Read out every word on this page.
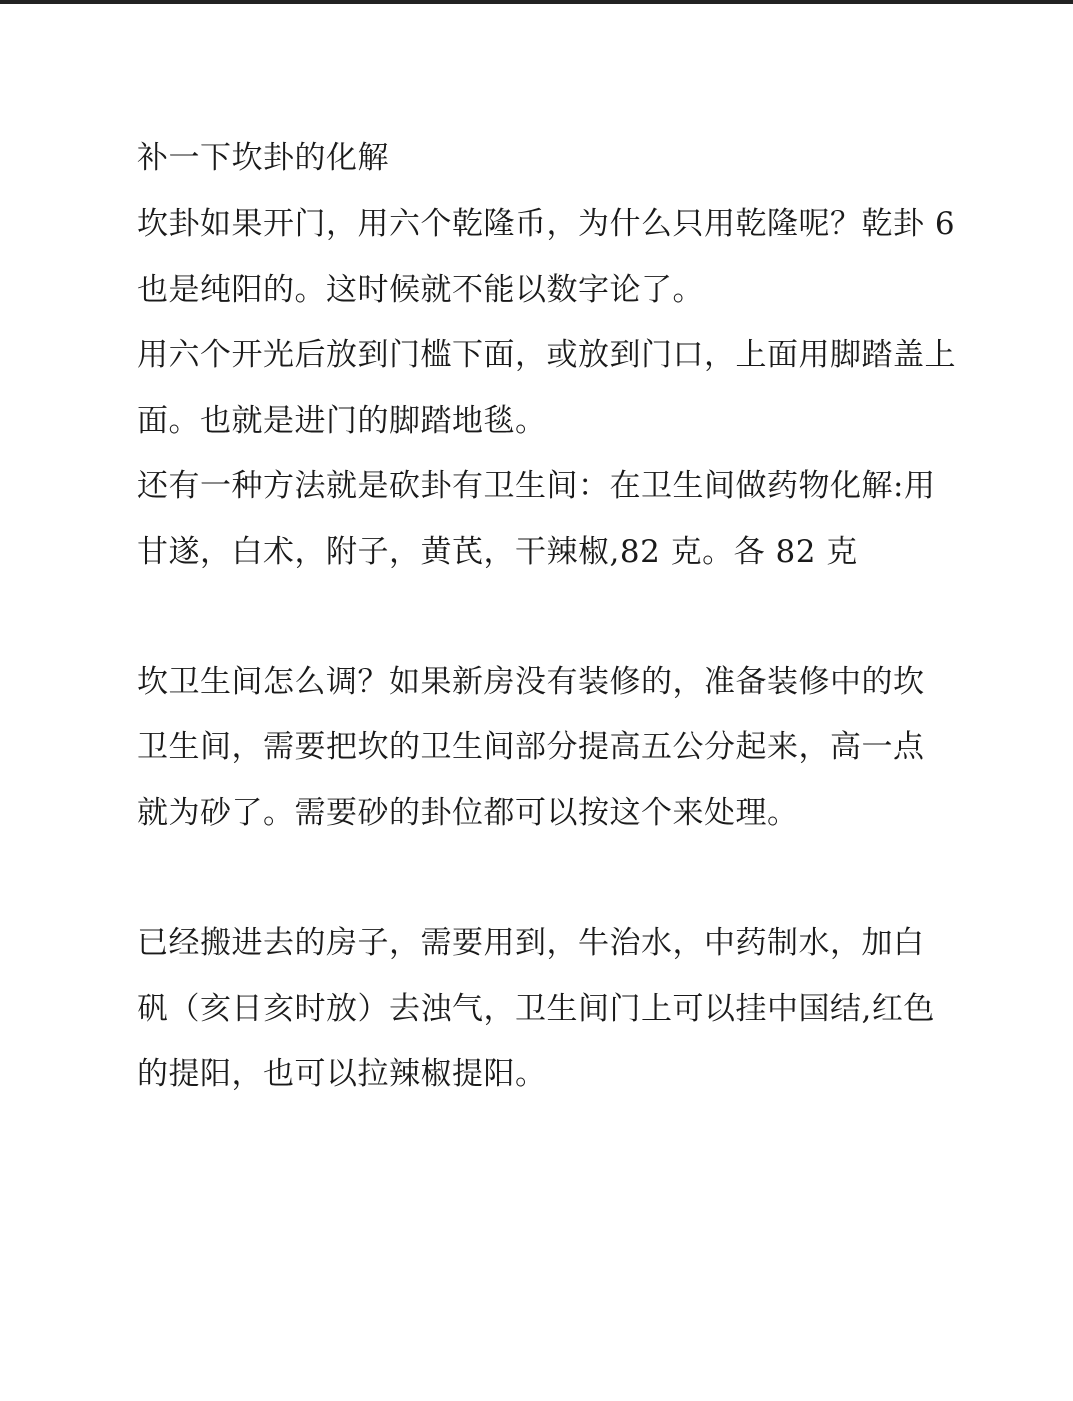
补一下坎卦的化解
坎卦如果开门，用六个乾隆币，为什么只用乾隆呢？乾卦 6
也是纯阳的。这时候就不能以数字论了。
用六个开光后放到门槛下面，或放到门口，上面用脚踏盖上
面。也就是进门的脚踏地毯。
还有一种方法就是砍卦有卫生间：在卫生间做药物化解:用
甘遂，白术，附子，黄芪，干辣椒,82 克。各 82 克
坎卫生间怎么调？如果新房没有装修的，准备装修中的坎
卫生间，需要把坎的卫生间部分提高五公分起来，高一点
就为砂了。需要砂的卦位都可以按这个来处理。
已经搬进去的房子，需要用到，牛治水，中药制水，加白
矾（亥日亥时放）去浊气，卫生间门上可以挂中国结,红色
的提阳，也可以拉辣椒提阳。
